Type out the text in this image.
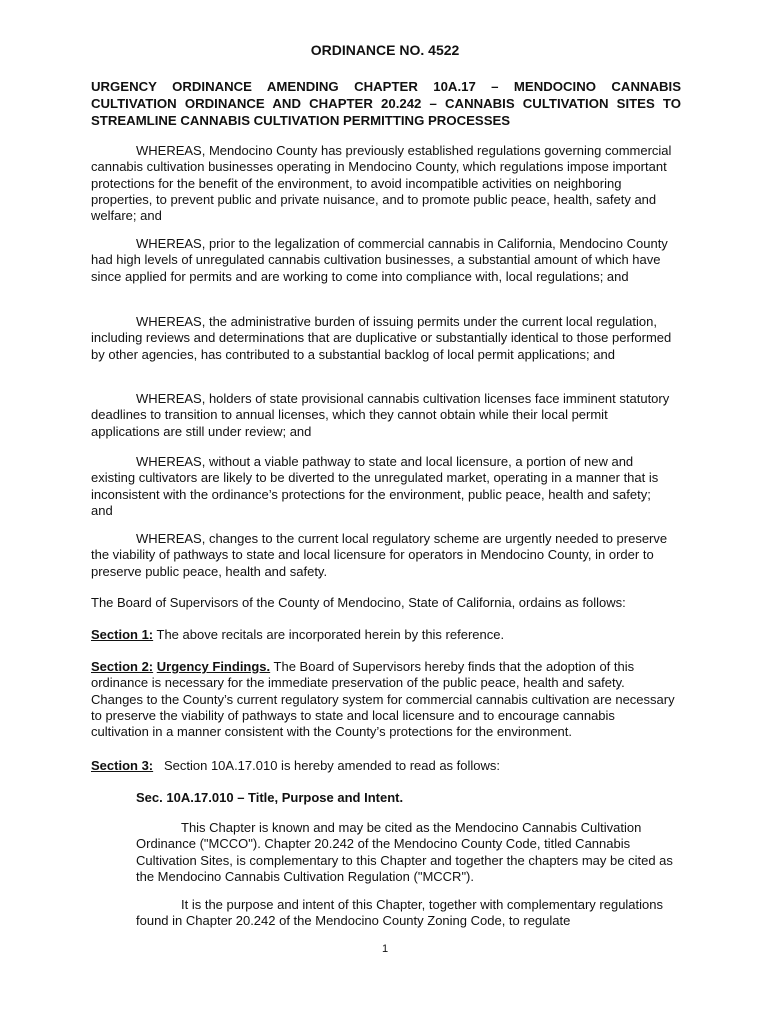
ORDINANCE NO. 4522
URGENCY ORDINANCE AMENDING CHAPTER 10A.17 – MENDOCINO CANNABIS CULTIVATION ORDINANCE AND CHAPTER 20.242 – CANNABIS CULTIVATION SITES TO STREAMLINE CANNABIS CULTIVATION PERMITTING PROCESSES

WHEREAS, Mendocino County has previously established regulations governing commercial cannabis cultivation businesses operating in Mendocino County, which regulations impose important protections for the benefit of the environment, to avoid incompatible activities on neighboring properties, to prevent public and private nuisance, and to promote public peace, health, safety and welfare; and

WHEREAS, prior to the legalization of commercial cannabis in California, Mendocino County had high levels of unregulated cannabis cultivation businesses, a substantial amount of which have since applied for permits and are working to come into compliance with, local regulations; and

WHEREAS, the administrative burden of issuing permits under the current local regulation, including reviews and determinations that are duplicative or substantially identical to those performed by other agencies, has contributed to a substantial backlog of local permit applications; and

WHEREAS, holders of state provisional cannabis cultivation licenses face imminent statutory deadlines to transition to annual licenses, which they cannot obtain while their local permit applications are still under review; and

WHEREAS, without a viable pathway to state and local licensure, a portion of new and existing cultivators are likely to be diverted to the unregulated market, operating in a manner that is inconsistent with the ordinance’s protections for the environment, public peace, health and safety; and

WHEREAS, changes to the current local regulatory scheme are urgently needed to preserve the viability of pathways to state and local licensure for operators in Mendocino County, in order to preserve public peace, health and safety.

The Board of Supervisors of the County of Mendocino, State of California, ordains as follows:

Section 1: The above recitals are incorporated herein by this reference.

Section 2: Urgency Findings. The Board of Supervisors hereby finds that the adoption of this ordinance is necessary for the immediate preservation of the public peace, health and safety. Changes to the County’s current regulatory system for commercial cannabis cultivation are necessary to preserve the viability of pathways to state and local licensure and to encourage cannabis cultivation in a manner consistent with the County’s protections for the environment.

Section 3: Section 10A.17.010 is hereby amended to read as follows:

Sec. 10A.17.010 – Title, Purpose and Intent.

This Chapter is known and may be cited as the Mendocino Cannabis Cultivation Ordinance ("MCCO"). Chapter 20.242 of the Mendocino County Code, titled Cannabis Cultivation Sites, is complementary to this Chapter and together the chapters may be cited as the Mendocino Cannabis Cultivation Regulation ("MCCR").

It is the purpose and intent of this Chapter, together with complementary regulations found in Chapter 20.242 of the Mendocino County Zoning Code, to regulate

1
